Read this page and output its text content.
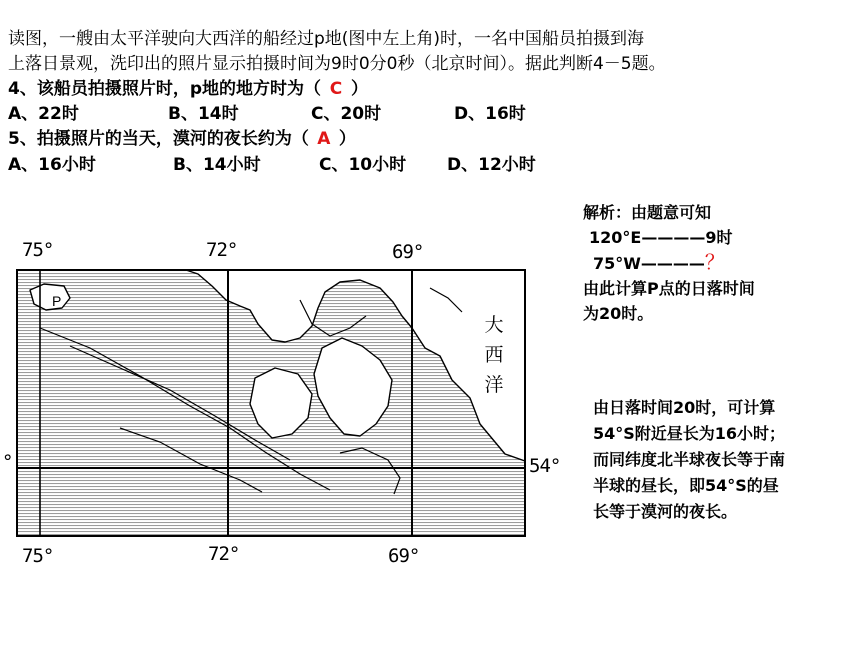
读图，一艘由太平洋驶向大西洋的船经过p地(图中左上角)时，一名中国船员拍摄到海
上落日景观，洗印出的照片显示拍摄时间为9时0分0秒（北京时间）。据此判断4－5题。
4、该船员拍摄照片时，p地的地方时为（ C ）
A、22时	B、14时	C、20时	D、16时
5、拍摄照片的当天，漠河的夜长约为（ A ）
A、16小时	B、14小时	C、10小时 D、12小时
解析：由题意可知
120°E————9时
75°W————？
由此计算P点的日落时间
为20时。
由日落时间20时，可计算
54°S附近昼长为16小时；
而同纬度北半球夜长等于南
半球的昼长，即54°S的昼
长等于漠河的夜长。
75°	72°	69°
75°	72°	69°
54°
°
P
大
西
洋
